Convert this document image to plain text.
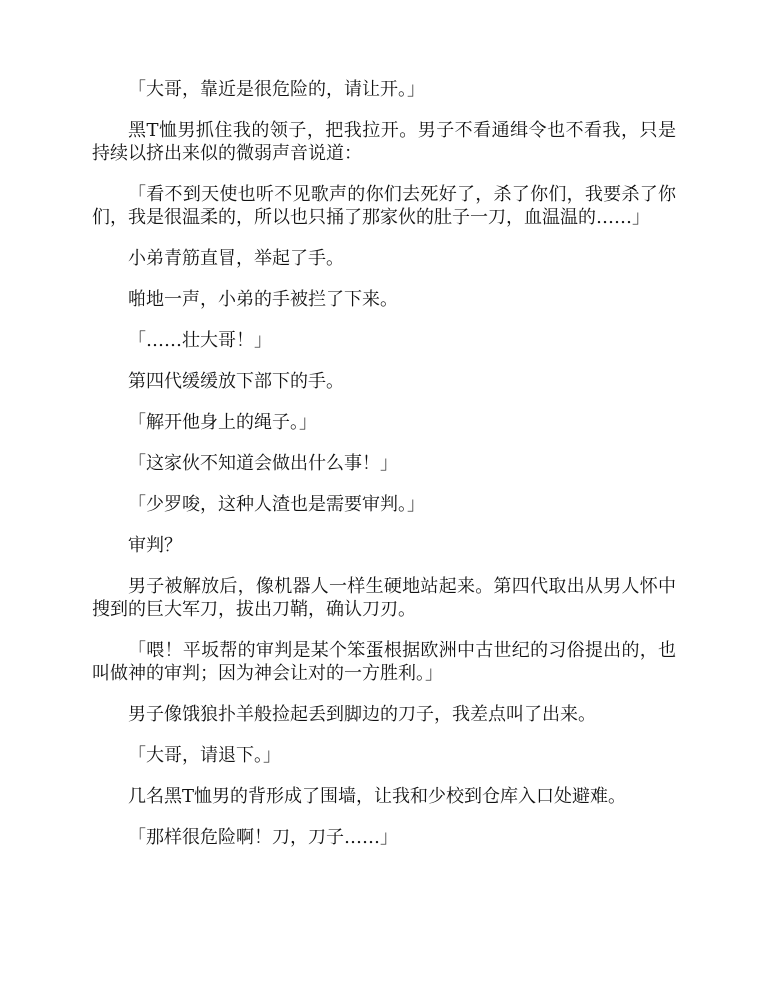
「大哥，靠近是很危险的，请让开。」

黑T恤男抓住我的领子，把我拉开。男子不看通缉令也不看我，只是持续以挤出来似的微弱声音说道：

「看不到天使也听不见歌声的你们去死好了，杀了你们，我要杀了你们，我是很温柔的，所以也只捅了那家伙的肚子一刀，血温温的……」

小弟青筋直冒，举起了手。

啪地一声，小弟的手被拦了下来。

「……壮大哥！」

第四代缓缓放下部下的手。

「解开他身上的绳子。」

「这家伙不知道会做出什么事！」

「少罗唆，这种人渣也是需要审判。」

审判？

男子被解放后，像机器人一样生硬地站起来。第四代取出从男人怀中搜到的巨大军刀，拔出刀鞘，确认刀刃。

「喂！平坂帮的审判是某个笨蛋根据欧洲中古世纪的习俗提出的，也叫做神的审判；因为神会让对的一方胜利。」

男子像饿狼扑羊般捡起丢到脚边的刀子，我差点叫了出来。

「大哥，请退下。」

几名黑T恤男的背形成了围墙，让我和少校到仓库入口处避难。

「那样很危险啊！刀，刀子……」
